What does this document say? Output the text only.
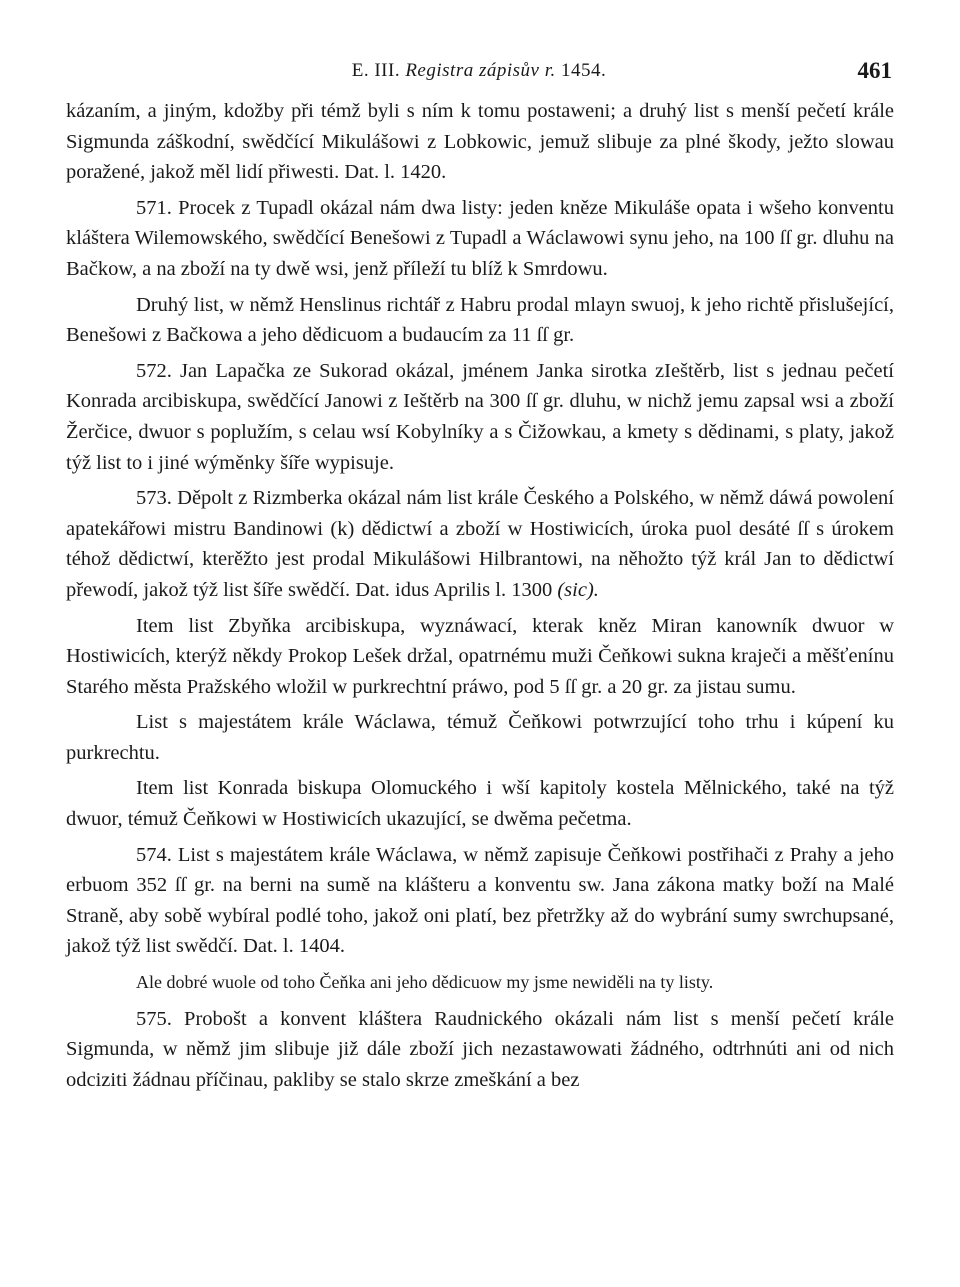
E. III. Registra zápisův r. 1454.	461

kázaním, a jiným, kdožby při témž byli s ním k tomu postaweni; a druhý list s menší pečetí krále Sigmunda záškodní, swědčící Mikulášowi z Lobkowic, jemuž slibuje za plné škody, ježto slowau poražené, jakož měl lidí přiwesti. Dat. l. 1420.

571. Procek z Tupadl okázal nám dwa listy: jeden kněze Mikuláše opata i wšeho konventu kláštera Wilemowského, swědčící Benešowi z Tupadl a Wáclawowi synu jeho, na 100 ſſ gr. dluhu na Bačkow, a na zboží na ty dwě wsi, jenž příleží tu blíž k Smrdowu.

Druhý list, w němž Henslinus richtář z Habru prodal mlayn swuoj, k jeho richtě přislušející, Benešowi z Bačkowa a jeho dědicuom a budaucím za 11 ſſ gr.

572. Jan Lapačka ze Sukorad okázal, jménem Janka sirotka zIeštěrb, list s jednau pečetí Konrada arcibiskupa, swědčící Janowi z Ieštěrb na 300 ſſ gr. dluhu, w nichž jemu zapsal wsi a zboží Žerčice, dwuor s poplužím, s celau wsí Kobylníky a s Čižowkau, a kmety s dědinami, s platy, jakož týž list to i jiné wýměnky šíře wypisuje.

573. Děpolt z Rizmberka okázal nám list krále Českého a Polského, w němž dáwá powolení apatekářowi mistru Bandinowi (k) dědictwí a zboží w Hostiwicích, úroka puol desáté ſſ s úrokem téhož dědictwí, kterěžto jest prodal Mikulášowi Hilbrantowi, na něhožto týž král Jan to dědictwí přewodí, jakož týž list šíře swědčí. Dat. idus Aprilis l. 1300 (sic).

Item list Zbyňka arcibiskupa, wyznáwací, kterak kněz Miran kanowník dwuor w Hostiwicích, kterýž někdy Prokop Lešek držal, opatrnému muži Čeňkowi sukna kraječi a měšťenínu Starého města Pražského wložil w purkrechtní práwo, pod 5 ſſ gr. a 20 gr. za jistau sumu.

List s majestátem krále Wáclawa, témuž Čeňkowi potwrzující toho trhu i kúpení ku purkrechtu.

Item list Konrada biskupa Olomuckého i wší kapitoly kostela Mělnického, také na týž dwuor, témuž Čeňkowi w Hostiwicích ukazující, se dwěma pečetma.

574. List s majestátem krále Wáclawa, w němž zapisuje Čeňkowi postřihači z Prahy a jeho erbuom 352 ſſ gr. na berni na sumě na klášteru a konventu sw. Jana zákona matky boží na Malé Straně, aby sobě wybíral podlé toho, jakož oni platí, bez přetržky až do wybrání sumy swrchupsané, jakož týž list swědčí. Dat. l. 1404.

Ale dobré wuole od toho Čeňka ani jeho dědicuow my jsme newiděli na ty listy.

575. Probošt a konvent kláštera Raudnického okázali nám list s menší pečetí krále Sigmunda, w němž jim slibuje již dále zboží jich nezastawowati žádného, odtrhnúti ani od nich odciziti žádnau příčinau, pakliby se stalo skrze zmeškání a bez
